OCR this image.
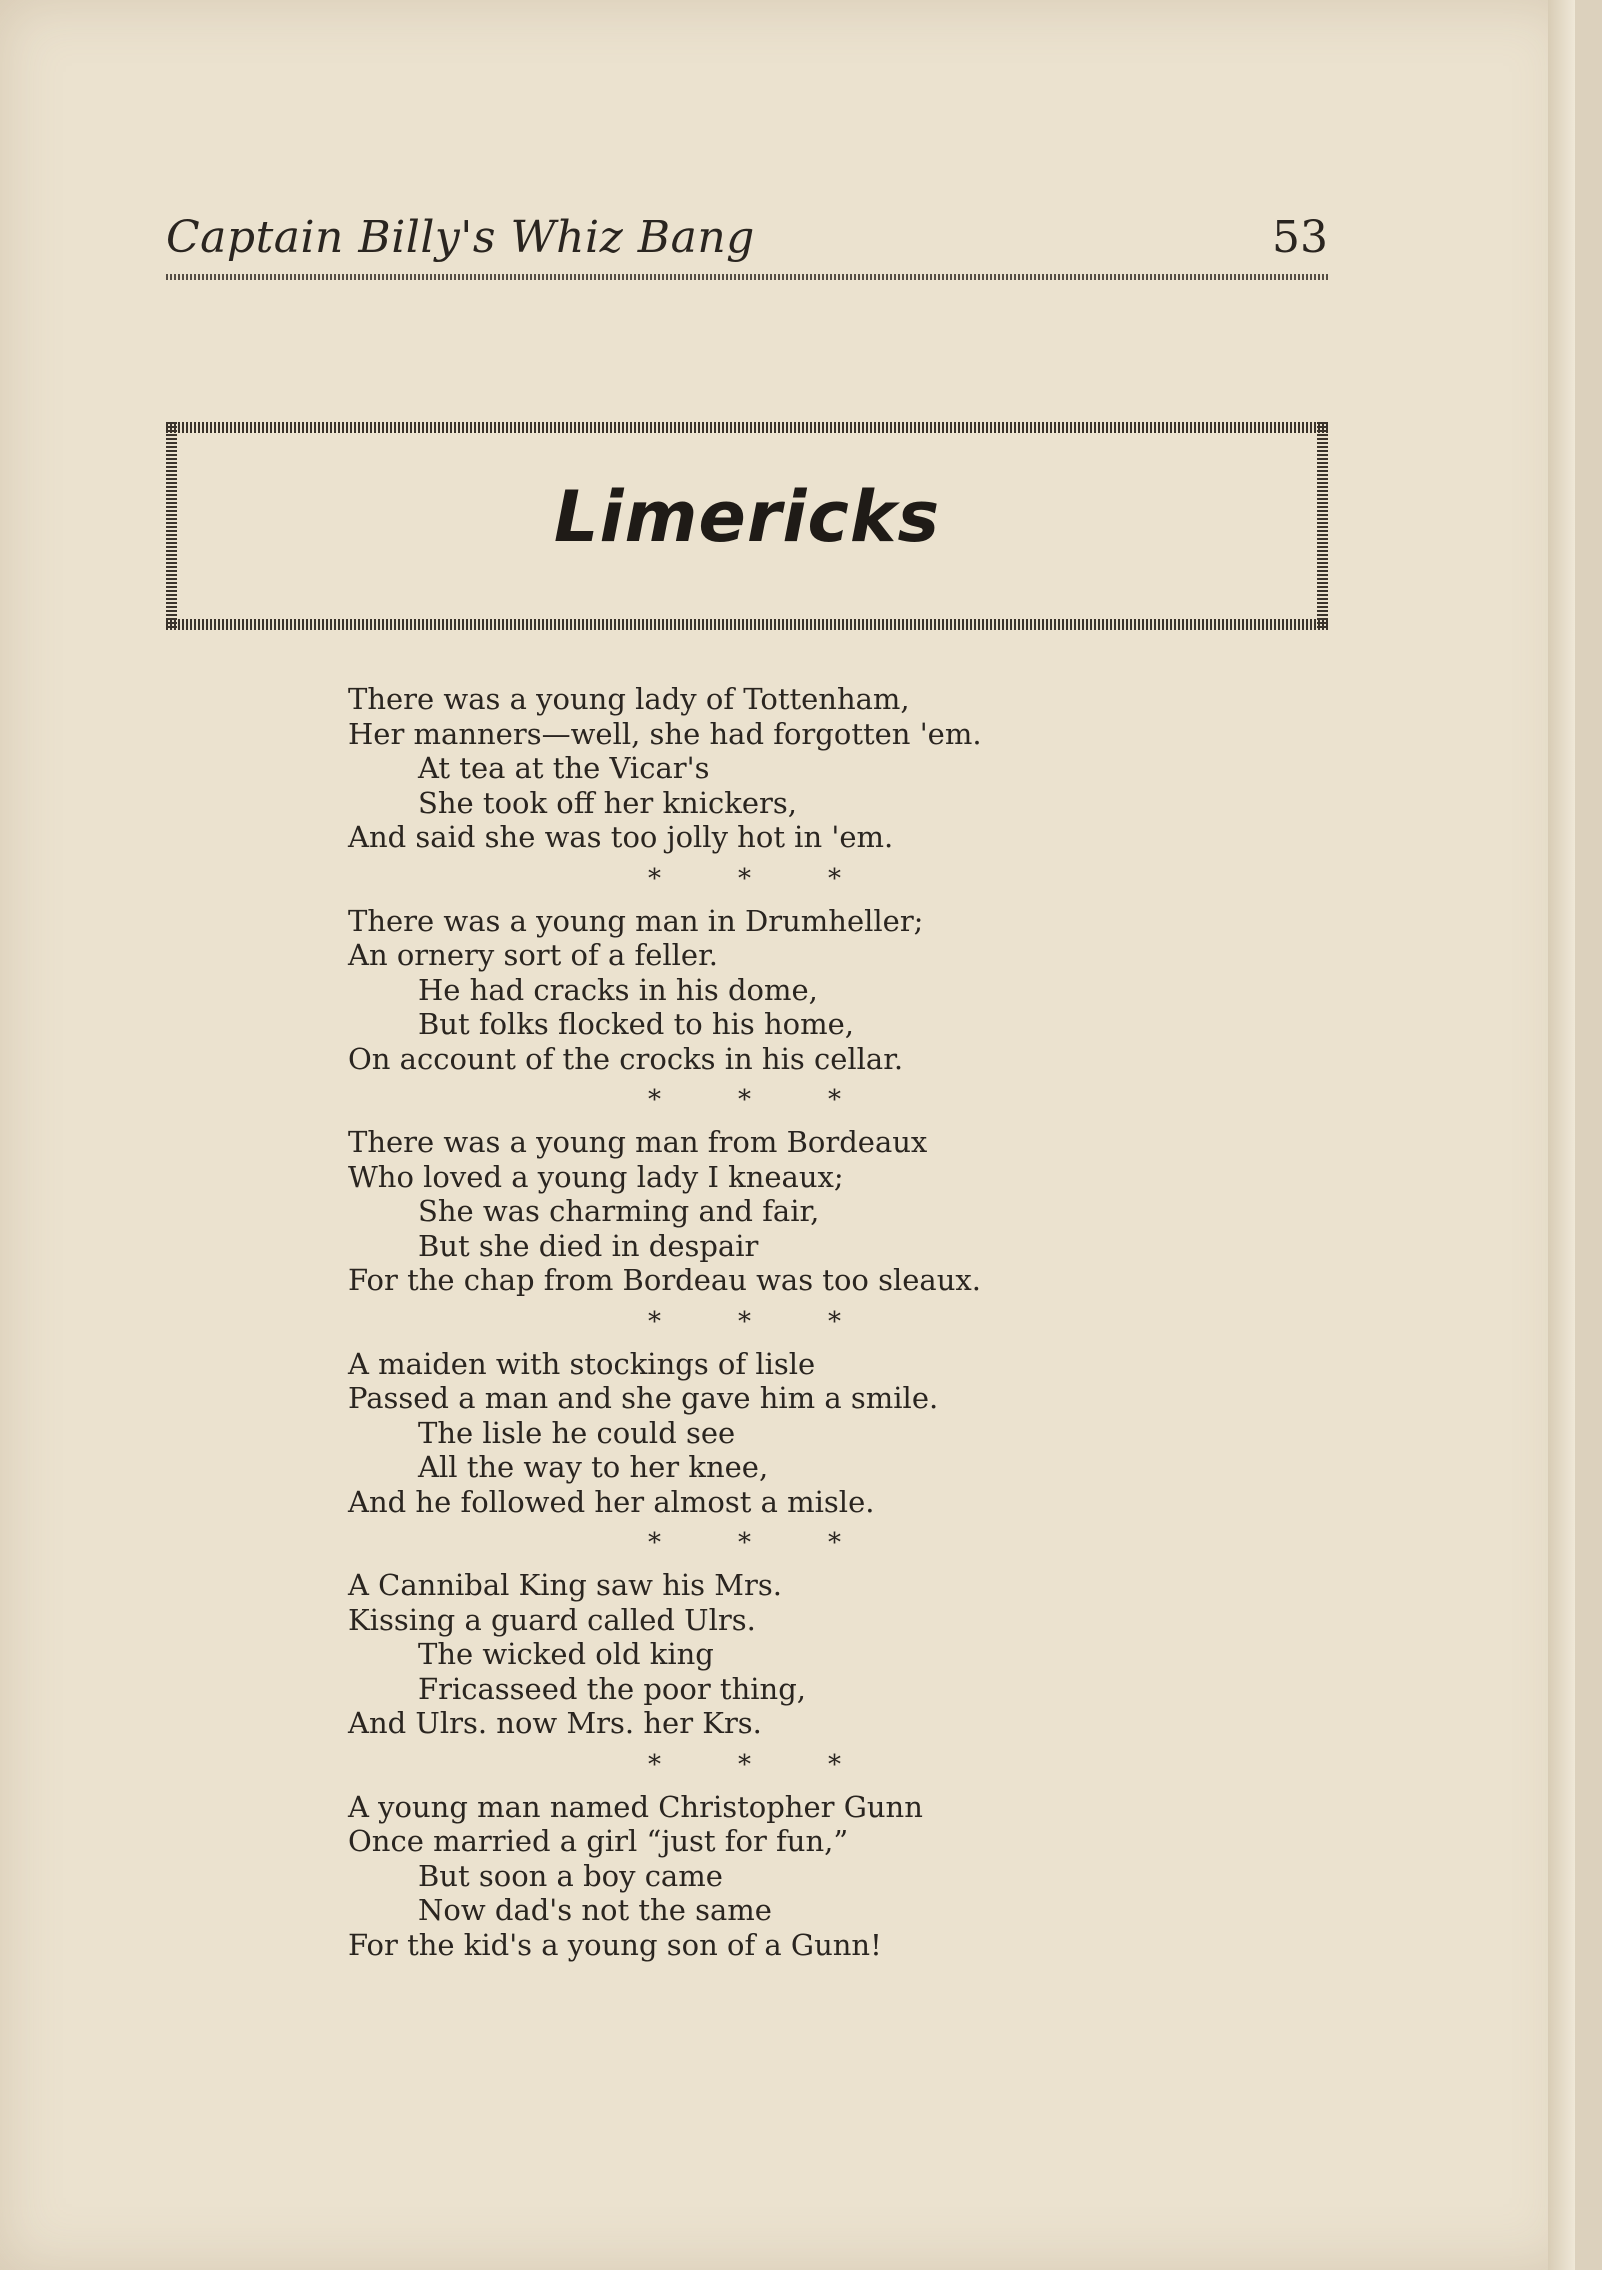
Captain Billy's Whiz Bang	53
Limericks
There was a young lady of Tottenham,
Her manners—well, she had forgotten 'em.
At tea at the Vicar's
She took off her knickers,
And said she was too jolly hot in 'em.
*	*	*
There was a young man in Drumheller;
An ornery sort of a feller.
He had cracks in his dome,
But folks flocked to his home,
On account of the crocks in his cellar.
*	*	*
There was a young man from Bordeaux
Who loved a young lady I kneaux;
She was charming and fair,
But she died in despair
For the chap from Bordeau was too sleaux.
*	*	*
A maiden with stockings of lisle
Passed a man and she gave him a smile.
The lisle he could see
All the way to her knee,
And he followed her almost a misle.
*	*	*
A Cannibal King saw his Mrs.
Kissing a guard called Ulrs.
The wicked old king
Fricasseed the poor thing,
And Ulrs. now Mrs. her Krs.
*	*	*
A young man named Christopher Gunn
Once married a girl “just for fun,”
But soon a boy came
Now dad's not the same
For the kid's a young son of a Gunn!
